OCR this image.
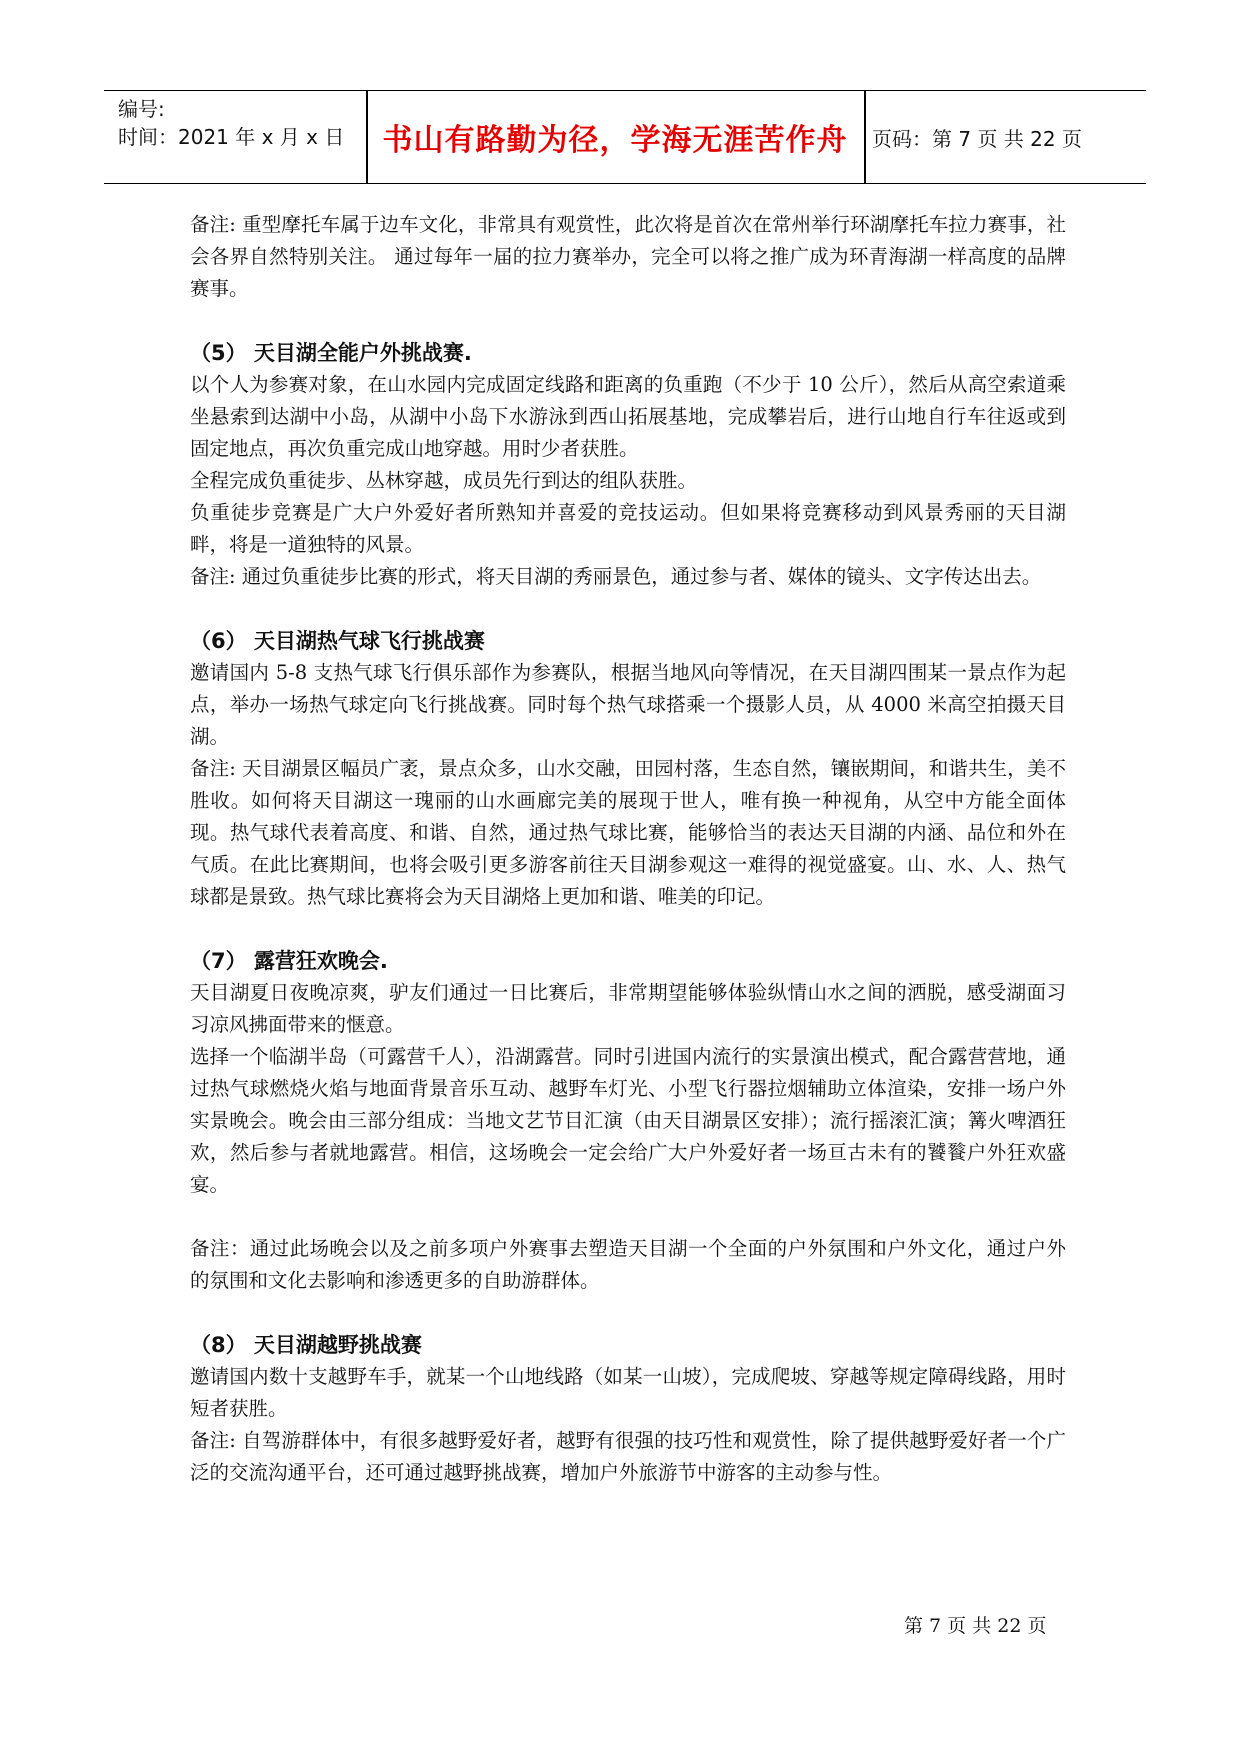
编号:
时间：2021 年 x 月 x 日	书山有路勤为径，学海无涯苦作舟	页码：第 7 页 共 22 页

备注: 重型摩托车属于边车文化，非常具有观赏性，此次将是首次在常州举行环湖摩托车拉力赛事，社会各界自然特别关注。 通过每年一届的拉力赛举办，完全可以将之推广成为环青海湖一样高度的品牌赛事。

（5） 天目湖全能户外挑战赛.

以个人为参赛对象，在山水园内完成固定线路和距离的负重跑（不少于 10 公斤），然后从高空索道乘坐悬索到达湖中小岛，从湖中小岛下水游泳到西山拓展基地，完成攀岩后，进行山地自行车往返或到固定地点，再次负重完成山地穿越。用时少者获胜。

全程完成负重徒步、丛林穿越，成员先行到达的组队获胜。

负重徒步竞赛是广大户外爱好者所熟知并喜爱的竞技运动。但如果将竞赛移动到风景秀丽的天目湖畔，将是一道独特的风景。

备注: 通过负重徒步比赛的形式，将天目湖的秀丽景色，通过参与者、媒体的镜头、文字传达出去。

（6） 天目湖热气球飞行挑战赛

邀请国内 5-8 支热气球飞行俱乐部作为参赛队，根据当地风向等情况，在天目湖四围某一景点作为起点，举办一场热气球定向飞行挑战赛。同时每个热气球搭乘一个摄影人员，从 4000 米高空拍摄天目湖。

备注: 天目湖景区幅员广袤，景点众多，山水交融，田园村落，生态自然，镶嵌期间，和谐共生，美不胜收。如何将天目湖这一瑰丽的山水画廊完美的展现于世人，唯有换一种视角，从空中方能全面体现。热气球代表着高度、和谐、自然，通过热气球比赛，能够恰当的表达天目湖的内涵、品位和外在气质。在此比赛期间，也将会吸引更多游客前往天目湖参观这一难得的视觉盛宴。山、水、人、热气球都是景致。热气球比赛将会为天目湖烙上更加和谐、唯美的印记。

（7） 露营狂欢晚会.

天目湖夏日夜晚凉爽，驴友们通过一日比赛后，非常期望能够体验纵情山水之间的洒脱，感受湖面习习凉风拂面带来的惬意。

选择一个临湖半岛（可露营千人），沿湖露营。同时引进国内流行的实景演出模式，配合露营营地，通过热气球燃烧火焰与地面背景音乐互动、越野车灯光、小型飞行器拉烟辅助立体渲染，安排一场户外实景晚会。晚会由三部分组成：当地文艺节目汇演（由天目湖景区安排）；流行摇滚汇演；篝火啤酒狂欢，然后参与者就地露营。相信，这场晚会一定会给广大户外爱好者一场亘古未有的饕餮户外狂欢盛宴。

备注：通过此场晚会以及之前多项户外赛事去塑造天目湖一个全面的户外氛围和户外文化，通过户外的氛围和文化去影响和渗透更多的自助游群体。

（8） 天目湖越野挑战赛

邀请国内数十支越野车手，就某一个山地线路（如某一山坡），完成爬坡、穿越等规定障碍线路，用时短者获胜。

备注: 自驾游群体中，有很多越野爱好者，越野有很强的技巧性和观赏性，除了提供越野爱好者一个广泛的交流沟通平台，还可通过越野挑战赛，增加户外旅游节中游客的主动参与性。

第 7 页 共 22 页
